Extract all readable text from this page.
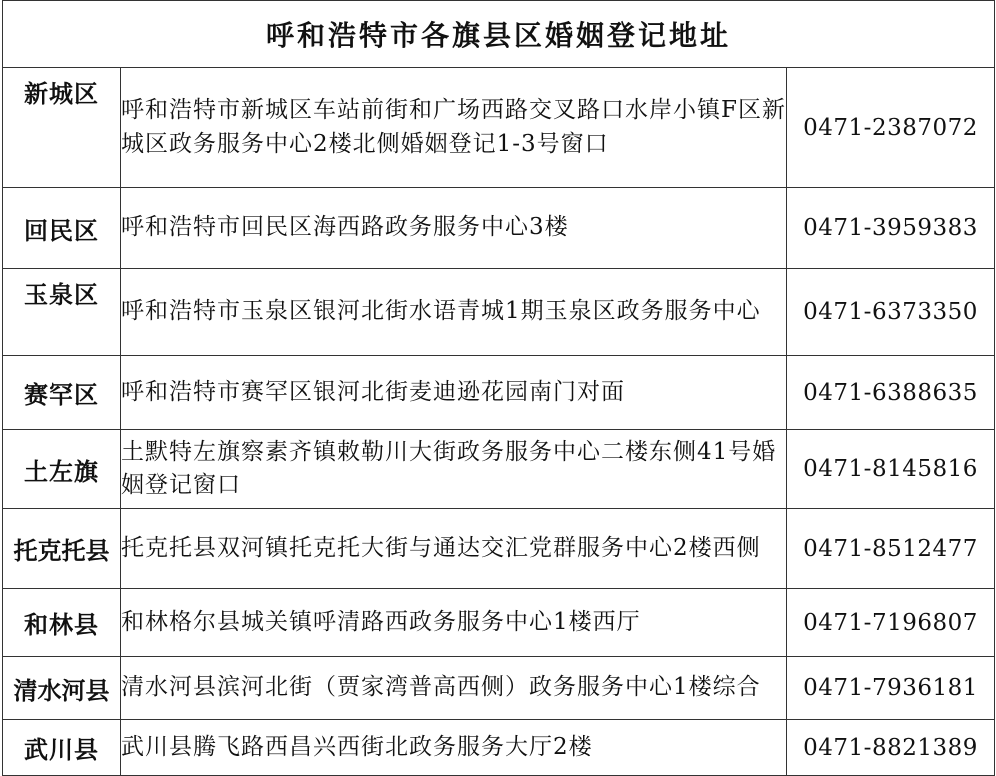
呼和浩特市各旗县区婚姻登记地址		
新城区	呼和浩特市新城区车站前街和广场西路交叉路口水岸小镇F区新城区政务服务中心2楼北侧婚姻登记1-3号窗口	0471-2387072
回民区	呼和浩特市回民区海西路政务服务中心3楼	0471-3959383
玉泉区	呼和浩特市玉泉区银河北街水语青城1期玉泉区政务服务中心	0471-6373350
赛罕区	呼和浩特市赛罕区银河北街麦迪逊花园南门对面	0471-6388635
土左旗	土默特左旗察素齐镇敕勒川大街政务服务中心二楼东侧41号婚姻登记窗口	0471-8145816
托克托县	托克托县双河镇托克托大街与通达交汇党群服务中心2楼西侧	0471-8512477
和林县	和林格尔县城关镇呼清路西政务服务中心1楼西厅	0471-7196807
清水河县	清水河县滨河北街（贾家湾普高西侧）政务服务中心1楼综合	0471-7936181
武川县	武川县腾飞路西昌兴西街北政务服务大厅2楼	0471-8821389
